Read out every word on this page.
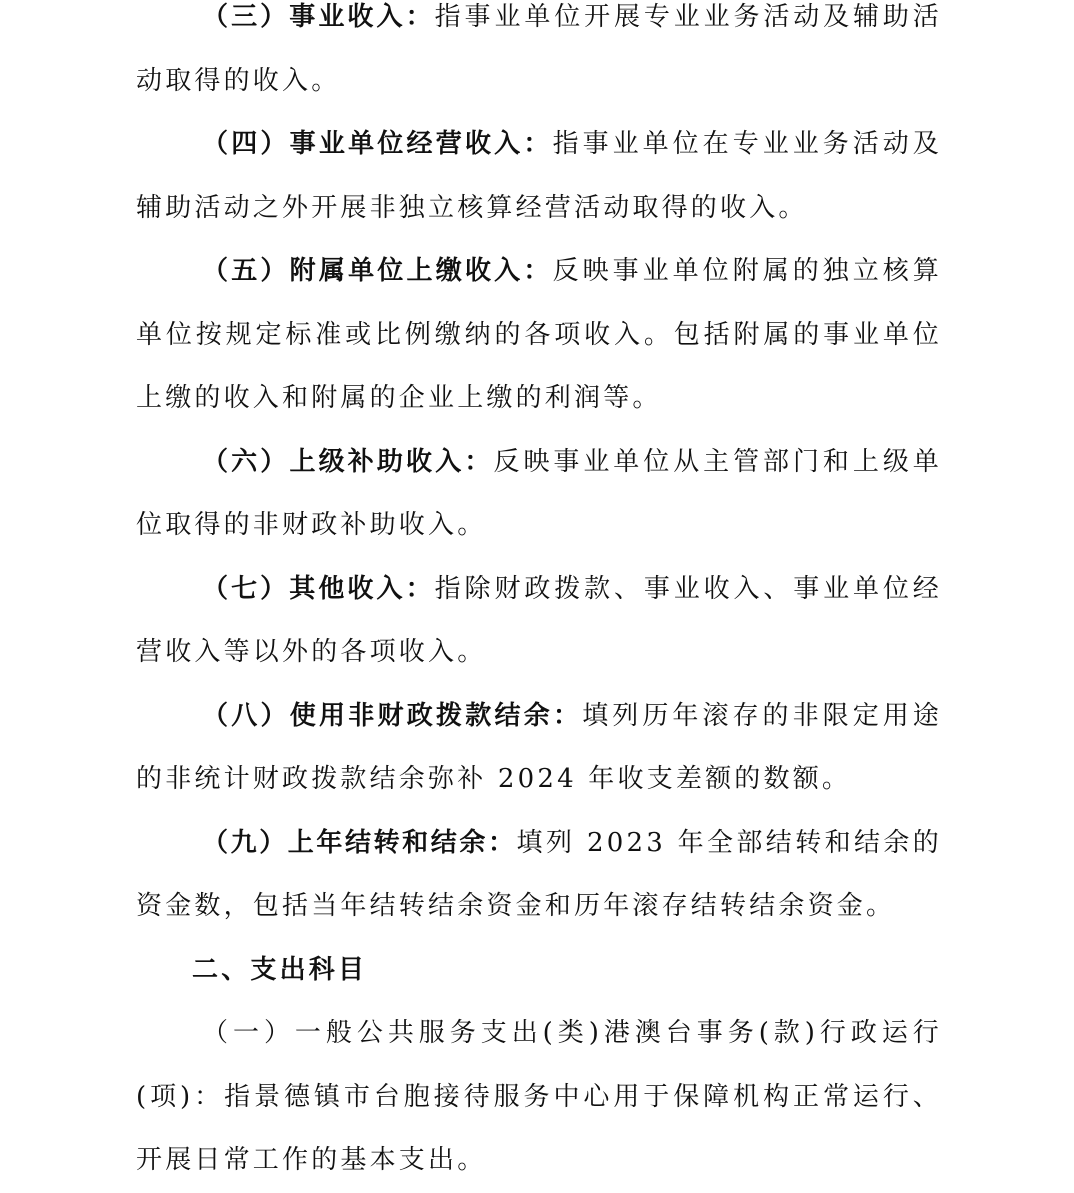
（三）事业收入：指事业单位开展专业业务活动及辅助活动取得的收入。

（四）事业单位经营收入：指事业单位在专业业务活动及辅助活动之外开展非独立核算经营活动取得的收入。

（五）附属单位上缴收入：反映事业单位附属的独立核算单位按规定标准或比例缴纳的各项收入。包括附属的事业单位上缴的收入和附属的企业上缴的利润等。

（六）上级补助收入：反映事业单位从主管部门和上级单位取得的非财政补助收入。

（七）其他收入：指除财政拨款、事业收入、事业单位经营收入等以外的各项收入。

（八）使用非财政拨款结余：填列历年滚存的非限定用途的非统计财政拨款结余弥补 2024 年收支差额的数额。

（九）上年结转和结余：填列 2023 年全部结转和结余的资金数，包括当年结转结余资金和历年滚存结转结余资金。

二、支出科目

（一）一般公共服务支出(类)港澳台事务(款)行政运行(项)：指景德镇市台胞接待服务中心用于保障机构正常运行、开展日常工作的基本支出。
